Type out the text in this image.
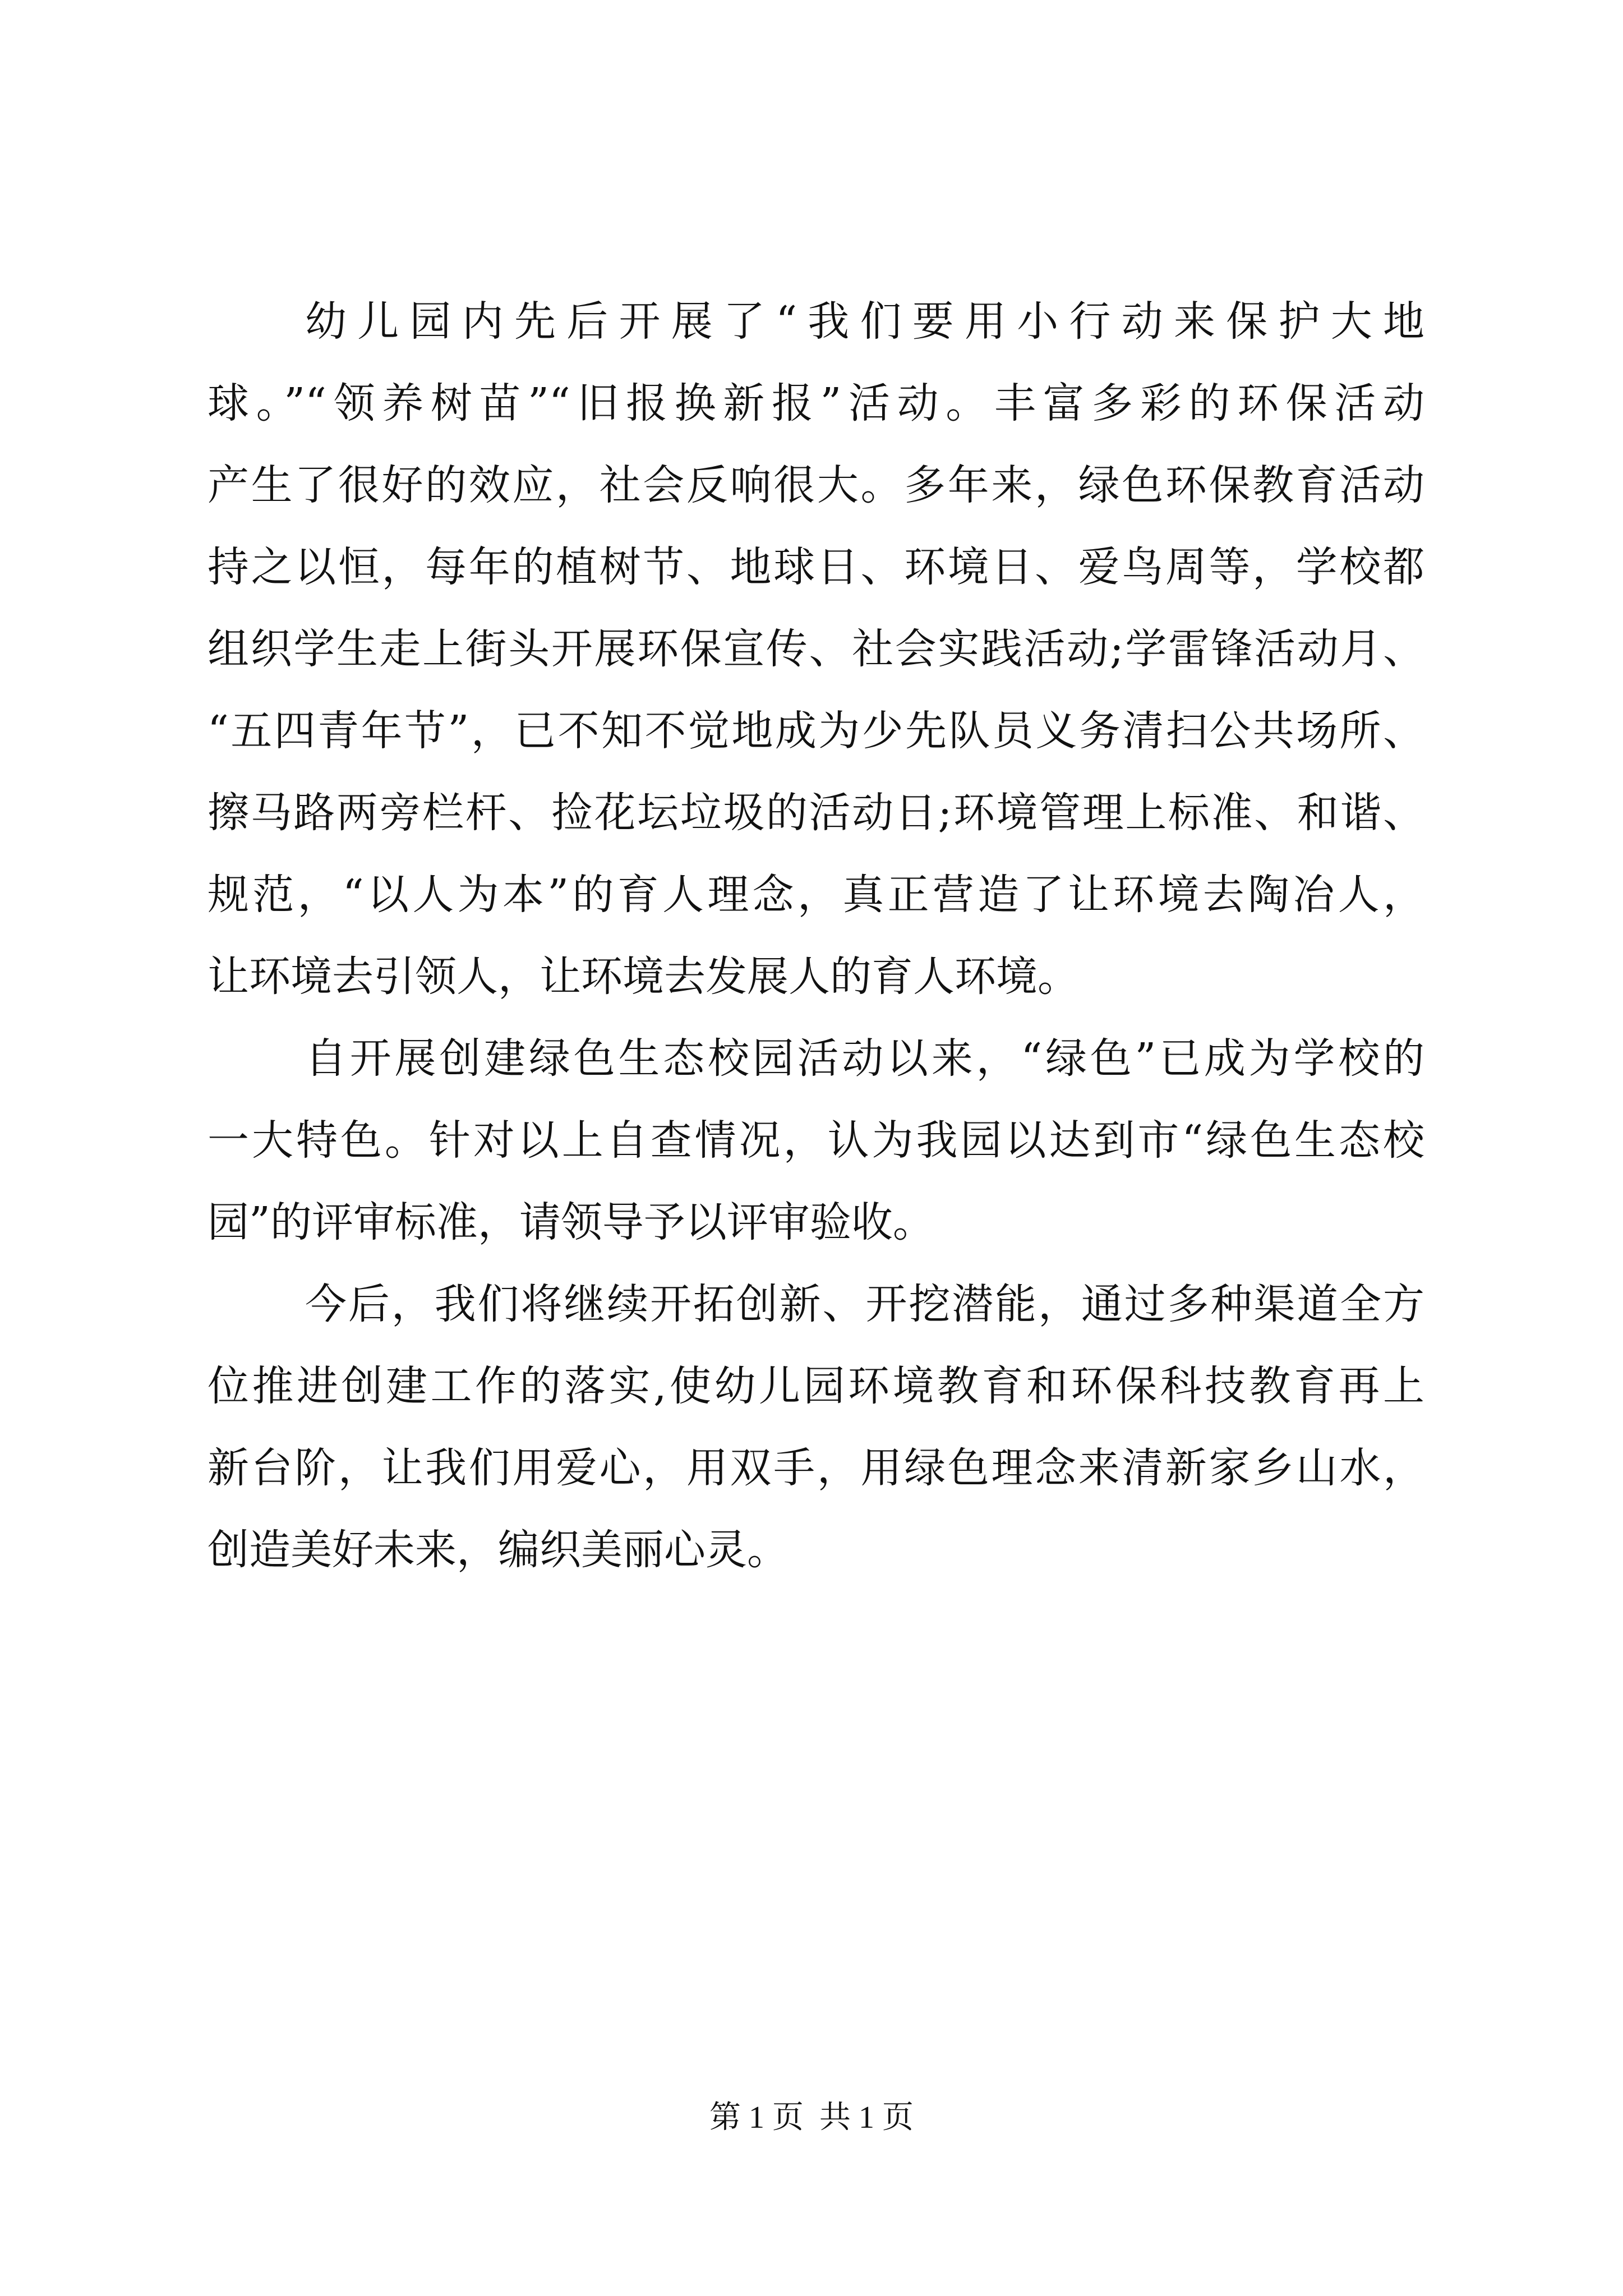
幼儿园内先后开展了“我们要用小行动来保护大地
球。”“领养树苗”“旧报换新报”活动。丰富多彩的环保活动
产生了很好的效应，社会反响很大。多年来，绿色环保教育活动
持之以恒，每年的植树节、地球日、环境日、爱鸟周等，学校都
组织学生走上街头开展环保宣传、社会实践活动;学雷锋活动月、
“五四青年节”，已不知不觉地成为少先队员义务清扫公共场所、
擦马路两旁栏杆、捡花坛垃圾的活动日;环境管理上标准、和谐、
规范，“以人为本”的育人理念，真正营造了让环境去陶冶人，
让环境去引领人，让环境去发展人的育人环境。
自开展创建绿色生态校园活动以来，“绿色”已成为学校的
一大特色。针对以上自查情况，认为我园以达到市“绿色生态校
园”的评审标准，请领导予以评审验收。
今后，我们将继续开拓创新、开挖潜能，通过多种渠道全方
位推进创建工作的落实,使幼儿园环境教育和环保科技教育再上
新台阶，让我们用爱心，用双手，用绿色理念来清新家乡山水，
创造美好未来，编织美丽心灵。
第 1 页  共 1 页
